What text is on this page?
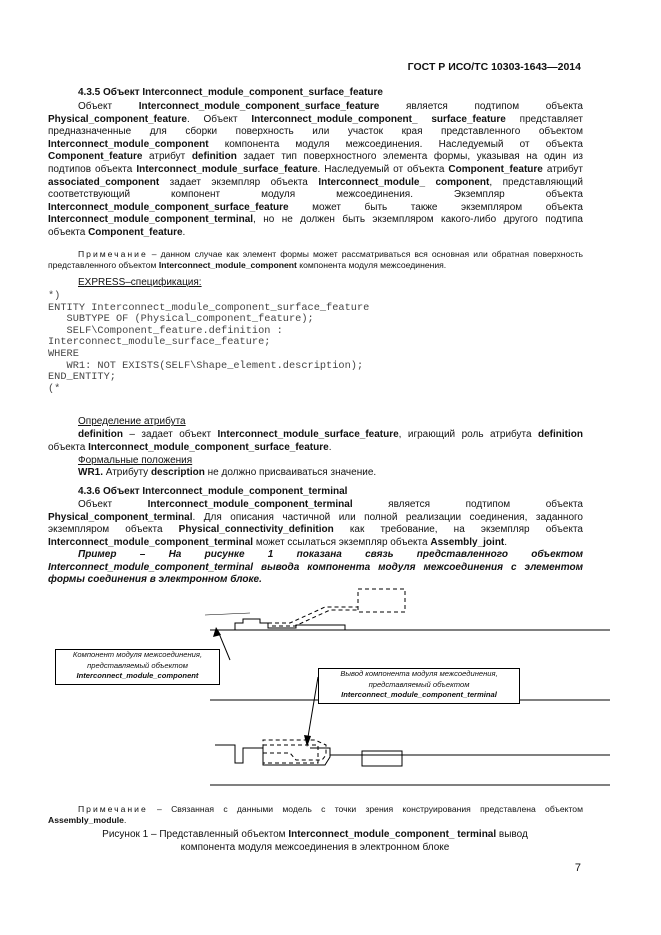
ГОСТ Р ИСО/ТС 10303-1643—2014
4.3.5 Объект Interconnect_module_component_surface_feature
Объект Interconnect_module_component_surface_feature является подтипом объекта Physical_component_feature. Объект Interconnect_module_component_ surface_feature представляет предназначенные для сборки поверхность или участок края представленного объектом Interconnect_module_component компонента модуля межсоединения. Наследуемый от объекта Component_feature атрибут definition задает тип поверхностного элемента формы, указывая на один из подтипов объекта Interconnect_module_surface_feature. Наследуемый от объекта Component_feature атрибут associated_component задает экземпляр объекта Interconnect_module_ component, представляющий соответствующий компонент модуля межсоединения. Экземпляр объекта Interconnect_module_component_surface_feature может быть также экземпляром объекта Interconnect_module_component_terminal, но не должен быть экземпляром какого-либо другого подтипа объекта Component_feature.
Примечание – данном случае как элемент формы может рассматриваться вся основная или обратная поверхность представленного объектом Interconnect_module_component компонента модуля межсоединения.
EXPRESS–спецификация:
*)
ENTITY Interconnect_module_component_surface_feature
SUBTYPE OF (Physical_component_feature);
SELF\Component_feature.definition :
Interconnect_module_surface_feature;
WHERE
WR1: NOT EXISTS(SELF\Shape_element.description);
END_ENTITY;
(*
Определение атрибута
definition – задает объект Interconnect_module_surface_feature, играющий роль атрибута definition объекта Interconnect_module_component_surface_feature.
Формальные положения
WR1. Атрибуту description не должно присваиваться значение.
4.3.6 Объект Interconnect_module_component_terminal
Объект Interconnect_module_component_terminal является подтипом объекта Physical_component_terminal. Для описания частичной или полной реализации соединения, заданного экземпляром объекта Physical_connectivity_definition как требование, на экземпляр объекта Interconnect_module_component_terminal может ссылаться экземпляр объекта Assembly_joint.
Пример – На рисунке 1 показана связь представленного объектом Interconnect_module_component_terminal вывода компонента модуля межсоединения с элементом формы соединения в электронном блоке.
Компонент модуля межсоединения,
представляемый объектом
Interconnect_module_component	Вывод компонента модуля межсоединения,
представляемый объектом
Interconnect_module_component_terminal
Примечание – Связанная с данными модель с точки зрения конструирования представлена объектом Assembly_module.
Рисунок 1 – Представленный объектом Interconnect_module_component_ terminal вывод компонента модуля межсоединения в электронном блоке
7
